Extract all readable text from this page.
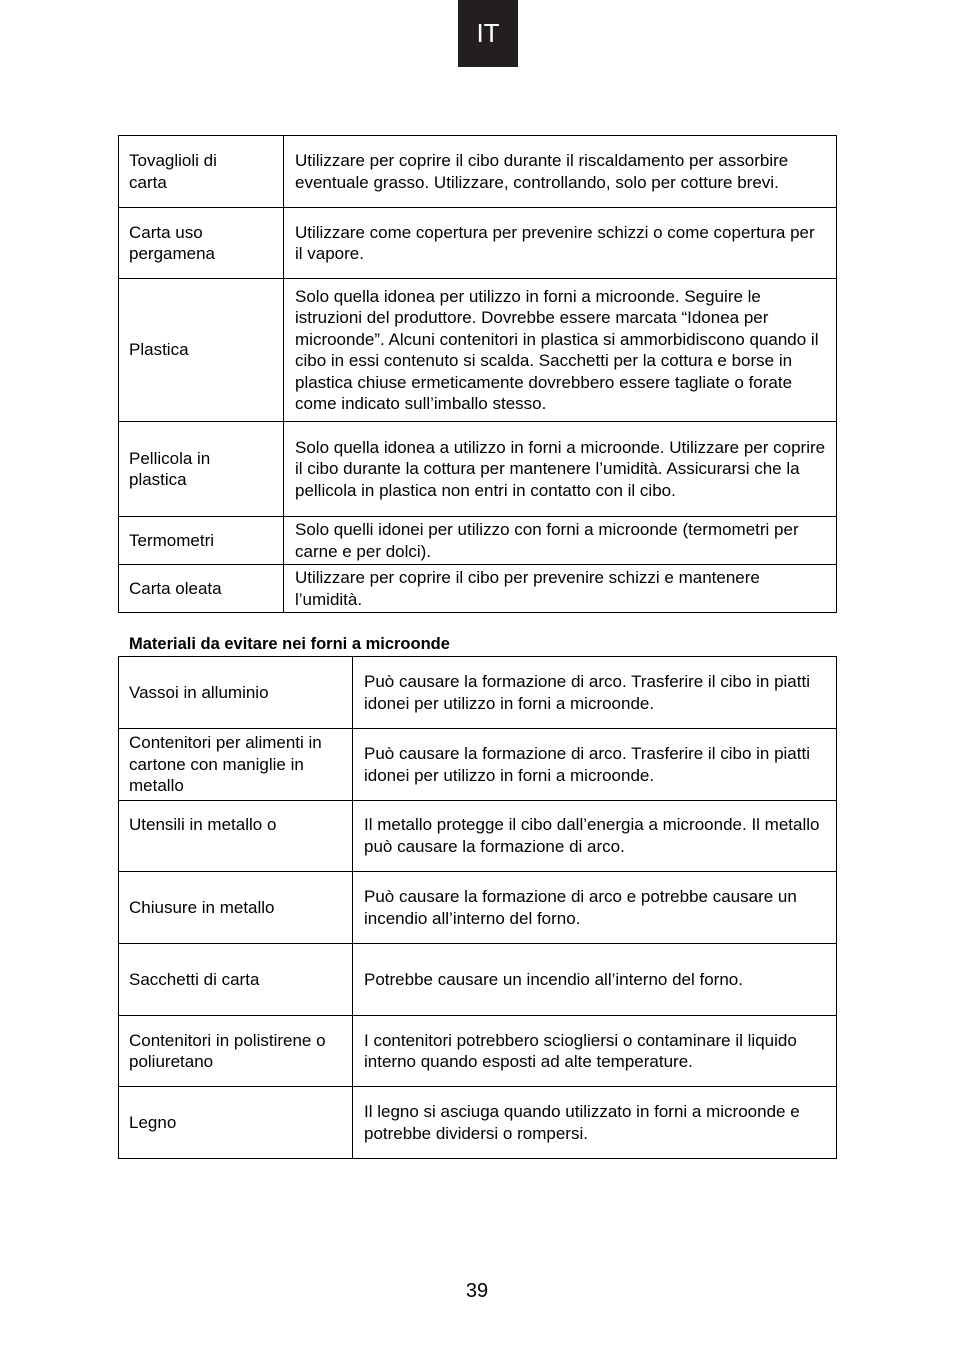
IT
Tovaglioli di carta	Utilizzare per coprire il cibo durante il riscaldamento per assorbire eventuale grasso. Utilizzare, controllando, solo per cotture brevi.
Carta uso pergamena	Utilizzare come copertura per prevenire schizzi o come copertura per il vapore.
Plastica	Solo quella idonea per utilizzo in forni a microonde. Seguire le istruzioni del produttore. Dovrebbe essere marcata “Idonea per microonde”. Alcuni contenitori in plastica si ammorbidiscono quando il cibo in essi contenuto si scalda. Sacchetti per la cottura e borse in plastica chiuse ermeticamente dovrebbero essere tagliate o forate come indicato sull’imballo stesso.
Pellicola in plastica	Solo quella idonea a utilizzo in forni a microonde. Utilizzare per coprire il cibo durante la cottura per mantenere l’umidità. Assicurarsi che la pellicola in plastica non entri in contatto con il cibo.
Termometri	Solo quelli idonei per utilizzo con forni a microonde (termometri per carne e per dolci).
Carta oleata	Utilizzare per coprire il cibo per prevenire schizzi e mantenere l’umidità.

Materiali da evitare nei forni a microonde

Vassoi in alluminio	Può causare la formazione di arco. Trasferire il cibo in piatti idonei per utilizzo in forni a microonde.
Contenitori per alimenti in cartone con maniglie in metallo	Può causare la formazione di arco. Trasferire il cibo in piatti idonei per utilizzo in forni a microonde.
Utensili in metallo o	Il metallo protegge il cibo dall’energia a microonde. Il metallo può causare la formazione di arco.
Chiusure in metallo	Può causare la formazione di arco e potrebbe causare un incendio all’interno del forno.
Sacchetti di carta	Potrebbe causare un incendio all’interno del forno.
Contenitori in polistirene o poliuretano	I contenitori potrebbero sciogliersi o contaminare il liquido interno quando esposti ad alte temperature.
Legno	Il legno si asciuga quando utilizzato in forni a microonde e potrebbe dividersi o rompersi.
39
